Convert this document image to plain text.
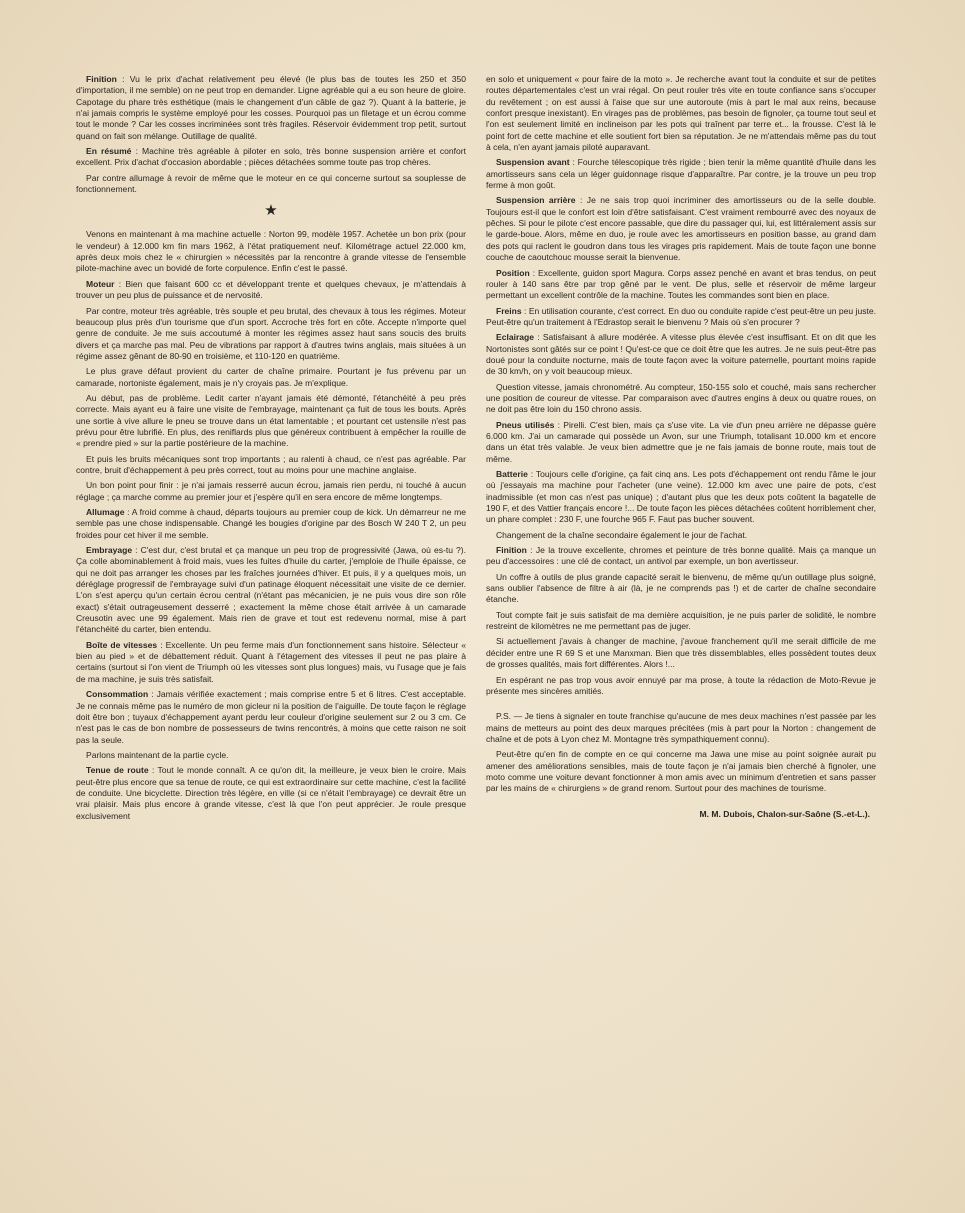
Finition : Vu le prix d'achat relativement peu élevé (le plus bas de toutes les 250 et 350 d'importation, il me semble) on ne peut trop en demander. Ligne agréable qui a eu son heure de gloire. Capotage du phare très esthétique (mais le changement d'un câble de gaz ?). Quant à la batterie, je n'ai jamais compris le système employé pour les cosses. Pourquoi pas un filetage et un écrou comme tout le monde ? Car les cosses incriminées sont très fragiles. Réservoir évidemment trop petit, surtout quand on fait son mélange. Outillage de qualité.

En résumé : Machine très agréable à piloter en solo, très bonne suspension arrière et confort excellent. Prix d'achat d'occasion abordable ; pièces détachées somme toute pas trop chères.

Par contre allumage à revoir de même que le moteur en ce qui concerne surtout sa souplesse de fonctionnement.

★

Venons en maintenant à ma machine actuelle : Norton 99, modèle 1957. Achetée un bon prix (pour le vendeur) à 12.000 km fin mars 1962, à l'état pratiquement neuf. Kilométrage actuel 22.000 km, après deux mois chez le « chirurgien » nécessités par la rencontre à grande vitesse de l'ensemble pilote-machine avec un bovidé de forte corpulence. Enfin c'est le passé.

Moteur : Bien que faisant 600 cc et développant trente et quelques chevaux, je m'attendais à trouver un peu plus de puissance et de nervosité.

Par contre, moteur très agréable, très souple et peu brutal, des chevaux à tous les régimes. Moteur beaucoup plus près d'un tourisme que d'un sport. Accroche très fort en côte. Accepte n'importe quel genre de conduite. Je me suis accoutumé à monter les régimes assez haut sans soucis des bruits divers et ça marche pas mal. Peu de vibrations par rapport à d'autres twins anglais, mais situées à un régime assez gênant de 80-90 en troisième, et 110-120 en quatrième.

Le plus grave défaut provient du carter de chaîne primaire. Pourtant je fus prévenu par un camarade, nortoniste également, mais je n'y croyais pas. Je m'explique.

Au début, pas de problème. Ledit carter n'ayant jamais été démonté, l'étanchéité à peu près correcte. Mais ayant eu à faire une visite de l'embrayage, maintenant ça fuit de tous les bouts. Après une sortie à vive allure le pneu se trouve dans un état lamentable ; et pourtant cet ustensile n'est pas prévu pour être lubrifié. En plus, des reniflards plus que généreux contribuent à empêcher la rouille de « prendre pied » sur la partie postérieure de la machine.

Et puis les bruits mécaniques sont trop importants ; au ralenti à chaud, ce n'est pas agréable. Par contre, bruit d'échappement à peu près correct, tout au moins pour une machine anglaise.

Un bon point pour finir : je n'ai jamais resserré aucun écrou, jamais rien perdu, ni touché à aucun réglage ; ça marche comme au premier jour et j'espère qu'il en sera encore de même longtemps.

Allumage : A froid comme à chaud, départs toujours au premier coup de kick. Un démarreur ne me semble pas une chose indispensable. Changé les bougies d'origine par des Bosch W 240 T 2, un peu froides pour cet hiver il me semble.

Embrayage : C'est dur, c'est brutal et ça manque un peu trop de progressivité (Jawa, où es-tu ?). Ça colle abominablement à froid mais, vues les fuites d'huile du carter, j'emploie de l'huile épaisse, ce qui ne doit pas arranger les choses par les fraîches journées d'hiver. Et puis, il y a quelques mois, un déréglage progressif de l'embrayage suivi d'un patinage éloquent nécessitait une visite de ce dernier. L'on s'est aperçu qu'un certain écrou central (n'étant pas mécanicien, je ne puis vous dire son rôle exact) s'était outrageusement desserré ; exactement la même chose était arrivée à un camarade Creusotin avec une 99 également. Mais rien de grave et tout est redevenu normal, mise à part l'étanchéité du carter, bien entendu.

Boîte de vitesses : Excellente. Un peu ferme mais d'un fonctionnement sans histoire. Sélecteur « bien au pied » et de débattement réduit. Quant à l'étagement des vitesses il peut ne pas plaire à certains (surtout si l'on vient de Triumph où les vitesses sont plus longues) mais, vu l'usage que je fais de ma machine, je suis très satisfait.

Consommation : Jamais vérifiée exactement ; mais comprise entre 5 et 6 litres. C'est acceptable. Je ne connais même pas le numéro de mon gicleur ni la position de l'aiguille. De toute façon le réglage doit être bon ; tuyaux d'échappement ayant perdu leur couleur d'origine seulement sur 2 ou 3 cm. Ce n'est pas le cas de bon nombre de possesseurs de twins rencontrés, à moins que cette raison ne soit pas la seule.

Parlons maintenant de la partie cycle.

Tenue de route : Tout le monde connaît. A ce qu'on dit, la meilleure, je veux bien le croire. Mais peut-être plus encore que sa tenue de route, ce qui est extraordinaire sur cette machine, c'est la facilité de conduite. Une bicyclette. Direction très légère, en ville (si ce n'était l'embrayage) ce devrait être un vrai plaisir. Mais plus encore à grande vitesse, c'est là que l'on peut apprécier. Je roule presque exclusivement

en solo et uniquement « pour faire de la moto ». Je recherche avant tout la conduite et sur de petites routes départementales c'est un vrai régal. On peut rouler très vite en toute confiance sans s'occuper du revêtement ; on est aussi à l'aise que sur une autoroute (mis à part le mal aux reins, because confort presque inexistant). En virages pas de problèmes, pas besoin de fignoler, ça tourne tout seul et l'on est seulement limité en inclineison par les pots qui traînent par terre et... la frousse. C'est là le point fort de cette machine et elle soutient fort bien sa réputation. Je ne m'attendais même pas du tout à cela, n'en ayant jamais piloté auparavant.

Suspension avant : Fourche télescopique très rigide ; bien tenir la même quantité d'huile dans les amortisseurs sans cela un léger guidonnage risque d'apparaître. Par contre, je la trouve un peu trop ferme à mon goût.

Suspension arrière : Je ne sais trop quoi incriminer des amortisseurs ou de la selle double. Toujours est-il que le confort est loin d'être satisfaisant. C'est vraiment rembourré avec des noyaux de pêches. Si pour le pilote c'est encore passable, que dire du passager qui, lui, est littéralement assis sur le garde-boue. Alors, même en duo, je roule avec les amortisseurs en position basse, au grand dam des pots qui raclent le goudron dans tous les virages pris rapidement. Mais de toute façon une bonne couche de caoutchouc mousse serait la bienvenue.

Position : Excellente, guidon sport Magura. Corps assez penché en avant et bras tendus, on peut rouler à 140 sans être par trop gêné par le vent. De plus, selle et réservoir de même largeur permettant un excellent contrôle de la machine. Toutes les commandes sont bien en place.

Freins : En utilisation courante, c'est correct. En duo ou conduite rapide c'est peut-être un peu juste. Peut-être qu'un traitement à l'Edrastop serait le bienvenu ? Mais où s'en procurer ?

Eclairage : Satisfaisant à allure modérée. A vitesse plus élevée c'est insuffisant. Et on dit que les Nortonistes sont gâtés sur ce point ! Qu'est-ce que ce doit être que les autres. Je ne suis peut-être pas doué pour la conduite nocturne, mais de toute façon avec la voiture paternelle, pourtant moins rapide de 30 km/h, on y voit beaucoup mieux.

Question vitesse, jamais chronométré. Au compteur, 150-155 solo et couché, mais sans rechercher une position de coureur de vitesse. Par comparaison avec d'autres engins à deux ou quatre roues, on ne doit pas être loin du 150 chrono assis.

Pneus utilisés : Pirelli. C'est bien, mais ça s'use vite. La vie d'un pneu arrière ne dépasse guère 6.000 km. J'ai un camarade qui possède un Avon, sur une Triumph, totalisant 10.000 km et encore dans un état très valable. Je veux bien admettre que je ne fais jamais de bonne route, mais tout de même.

Batterie : Toujours celle d'origine, ça fait cinq ans. Les pots d'échappement ont rendu l'âme le jour où j'essayais ma machine pour l'acheter (une veine). 12.000 km avec une paire de pots, c'est inadmissible (et mon cas n'est pas unique) ; d'autant plus que les deux pots coûtent la bagatelle de 190 F, et des Vattier français encore !... De toute façon les pièces détachées coûtent horriblement cher, un phare complet : 230 F, une fourche 965 F. Faut pas bucher souvent.

Changement de la chaîne secondaire également le jour de l'achat.

Finition : Je la trouve excellente, chromes et peinture de très bonne qualité. Mais ça manque un peu d'accessoires : une clé de contact, un antivol par exemple, un bon avertisseur.

Un coffre à outils de plus grande capacité serait le bienvenu, de même qu'un outillage plus soigné, sans oublier l'absence de filtre à air (là, je ne comprends pas !) et de carter de chaîne secondaire étanche.

Tout compte fait je suis satisfait de ma dernière acquisition, je ne puis parler de solidité, le nombre restreint de kilomètres ne me permettant pas de juger.

Si actuellement j'avais à changer de machine, j'avoue franchement qu'il me serait difficile de me décider entre une R 69 S et une Manxman. Bien que très dissemblables, elles possèdent toutes deux de grosses qualités, mais fort différentes. Alors !...

En espérant ne pas trop vous avoir ennuyé par ma prose, à toute la rédaction de Moto-Revue je présente mes sincères amitiés.

P.S. — Je tiens à signaler en toute franchise qu'aucune de mes deux machines n'est passée par les mains de metteurs au point des deux marques précitées (mis à part pour la Norton : changement de chaîne et de pots à Lyon chez M. Montagne très sympathiquement connu).

Peut-être qu'en fin de compte en ce qui concerne ma Jawa une mise au point soignée aurait pu amener des améliorations sensibles, mais de toute façon je n'ai jamais bien cherché à fignoler, une moto comme une voiture devant fonctionner à mon amis avec un minimum d'entretien et sans passer par les mains de « chirurgiens » de grand renom. Surtout pour des machines de tourisme.

M. M. Dubois, Chalon-sur-Saône (S.-et-L.).
